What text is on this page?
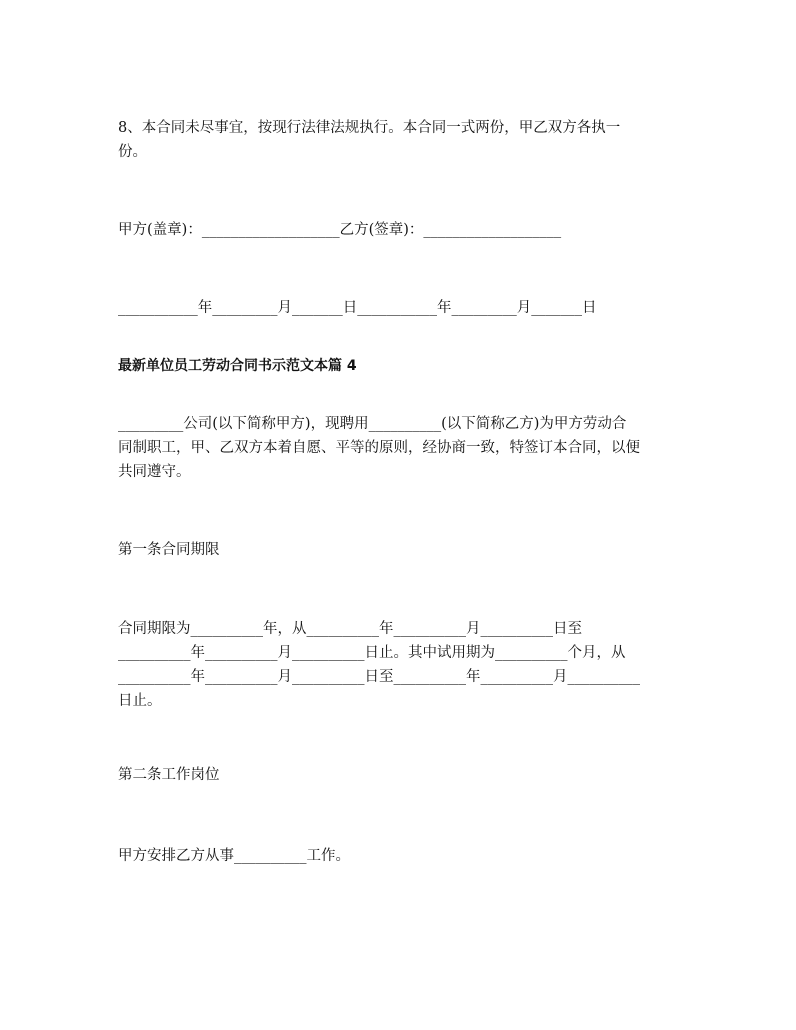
8、本合同未尽事宜，按现行法律法规执行。本合同一式两份，甲乙双方各执一
份。
甲方(盖章)：___________________乙方(签章)：___________________
___________年_________月_______日___________年_________月_______日
最新单位员工劳动合同书示范文本篇 4
_________公司(以下简称甲方)，现聘用__________(以下简称乙方)为甲方劳动合
同制职工，甲、乙双方本着自愿、平等的原则，经协商一致，特签订本合同，以便
共同遵守。
第一条合同期限
合同期限为__________年，从__________年__________月__________日至
__________年__________月__________日止。其中试用期为__________个月，从
__________年__________月__________日至__________年__________月__________
日止。
第二条工作岗位
甲方安排乙方从事__________工作。
